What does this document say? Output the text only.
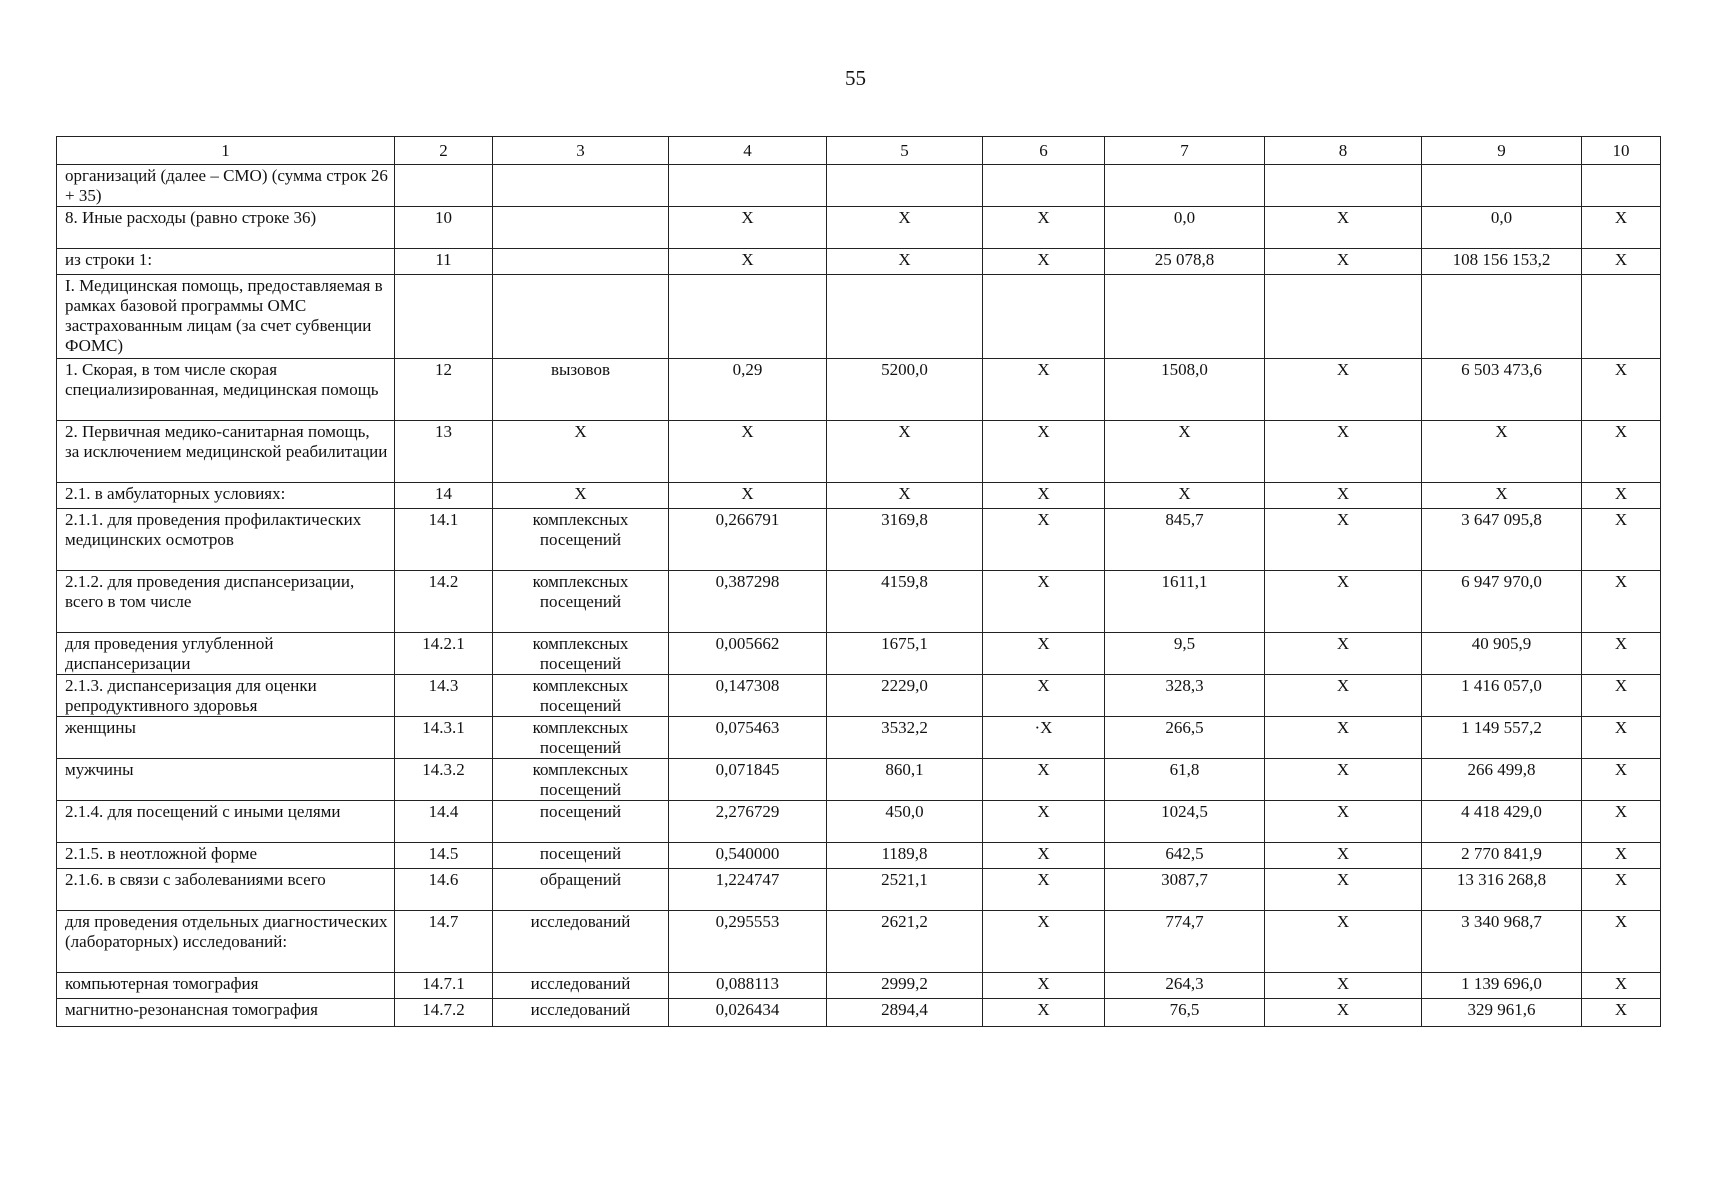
55
1	2	3	4	5	6	7	8	9	10
организаций (далее – СМО) (сумма строк 26 + 35)									
8. Иные расходы (равно строке 36)	10		X	X	X	0,0	X	0,0	X
из строки 1:	11		X	X	X	25 078,8	X	108 156 153,2	X
I. Медицинская помощь, предоставляемая в рамках базовой программы ОМС застрахованным лицам (за счет субвенции ФОМС)									
1. Скорая, в том числе скорая специализированная, медицинская помощь	12	вызовов	0,29	5200,0	X	1508,0	X	6 503 473,6	X
2. Первичная медико-санитарная помощь, за исключением медицинской реабилитации	13	X	X	X	X	X	X	X	X
2.1. в амбулаторных условиях:	14	X	X	X	X	X	X	X	X
2.1.1. для проведения профилактических медицинских осмотров	14.1	комплексных посещений	0,266791	3169,8	X	845,7	X	3 647 095,8	X
2.1.2. для проведения диспансеризации, всего в том числе	14.2	комплексных посещений	0,387298	4159,8	X	1611,1	X	6 947 970,0	X
для проведения углубленной диспансеризации	14.2.1	комплексных посещений	0,005662	1675,1	X	9,5	X	40 905,9	X
2.1.3. диспансеризация для оценки репродуктивного здоровья	14.3	комплексных посещений	0,147308	2229,0	X	328,3	X	1 416 057,0	X
женщины	14.3.1	комплексных посещений	0,075463	3532,2	·X	266,5	X	1 149 557,2	X
мужчины	14.3.2	комплексных посещений	0,071845	860,1	X	61,8	X	266 499,8	X
2.1.4. для посещений с иными целями	14.4	посещений	2,276729	450,0	X	1024,5	X	4 418 429,0	X
2.1.5. в неотложной форме	14.5	посещений	0,540000	1189,8	X	642,5	X	2 770 841,9	X
2.1.6. в связи с заболеваниями всего	14.6	обращений	1,224747	2521,1	X	3087,7	X	13 316 268,8	X
для проведения отдельных диагностических (лабораторных) исследований:	14.7	исследований	0,295553	2621,2	X	774,7	X	3 340 968,7	X
компьютерная томография	14.7.1	исследований	0,088113	2999,2	X	264,3	X	1 139 696,0	X
магнитно-резонансная томография	14.7.2	исследований	0,026434	2894,4	X	76,5	X	329 961,6	X
